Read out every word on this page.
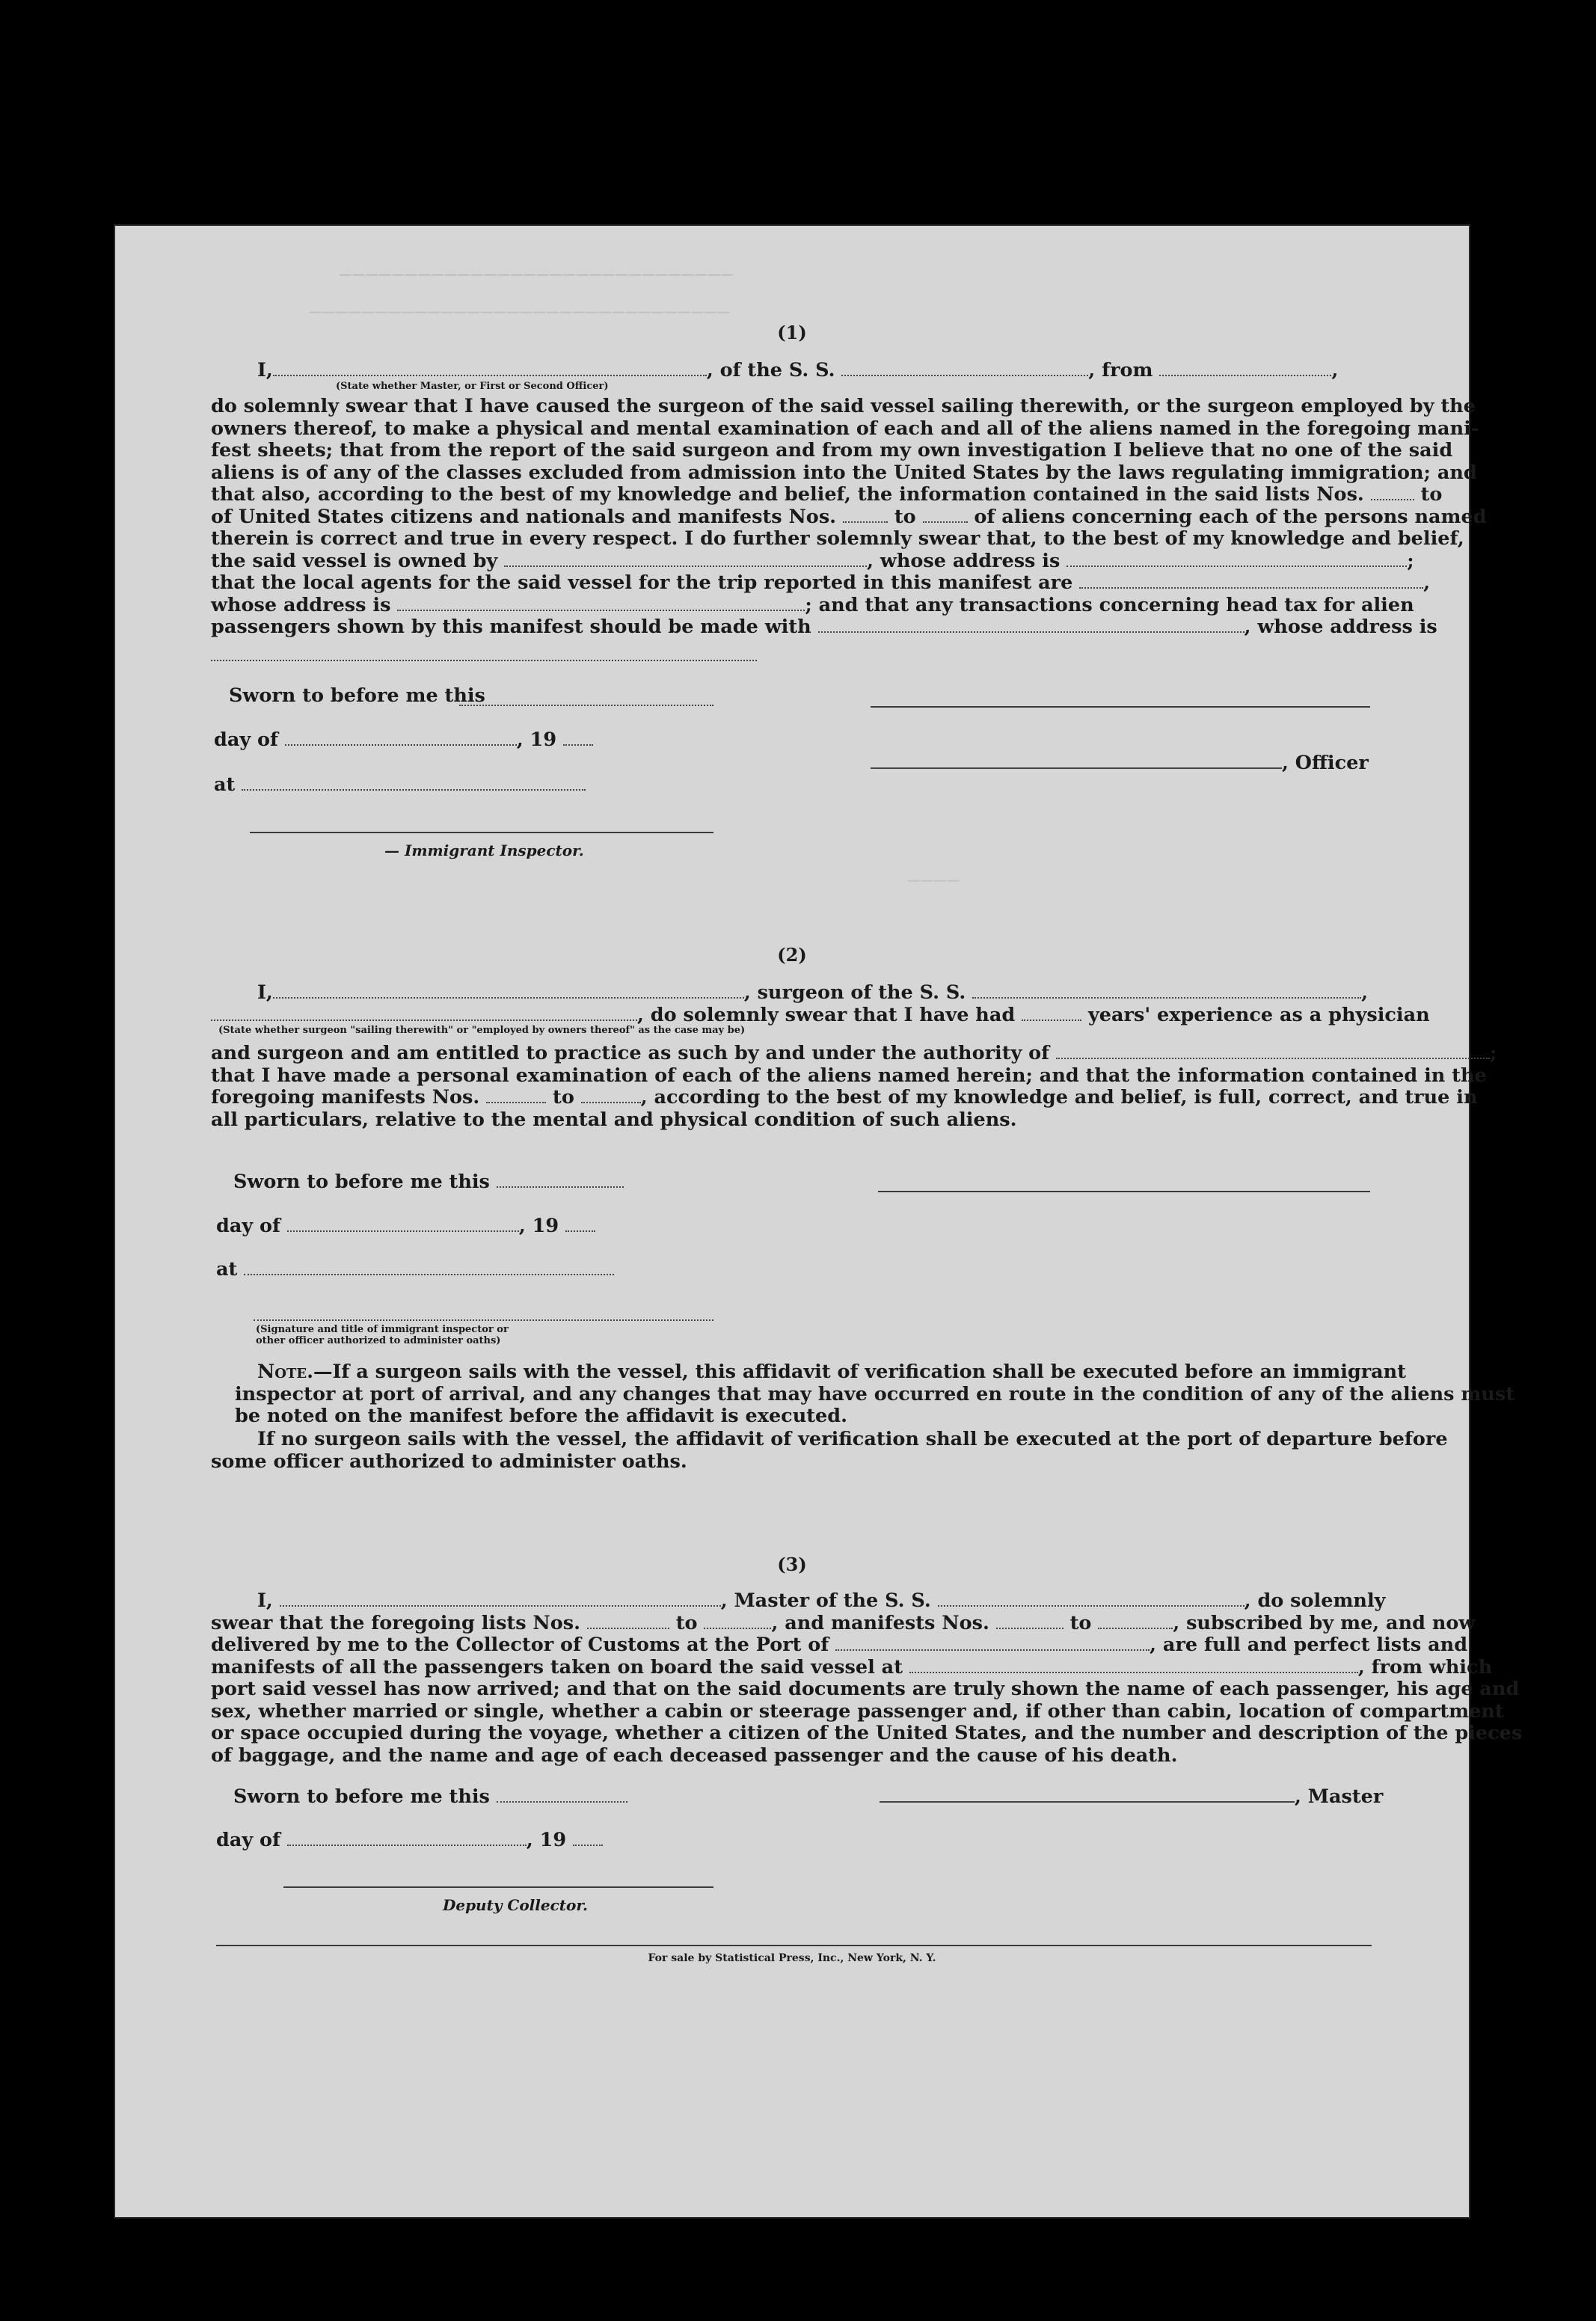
——————————————————————————————
————————————————————————————————
————
(1)
I,	, of the S. S.	, from	,
(State whether Master, or First or Second Officer)
do solemnly swear that I have caused the surgeon of the said vessel sailing therewith, or the surgeon employed by the
owners thereof, to make a physical and mental examination of each and all of the aliens named in the foregoing mani-
fest sheets; that from the report of the said surgeon and from my own investigation I believe that no one of the said
aliens is of any of the classes excluded from admission into the United States by the laws regulating immigration; and
that also, according to the best of my knowledge and belief, the information contained in the said lists Nos.	to
of United States citizens and nationals and manifests Nos.	to	of aliens concerning each of the persons named
therein is correct and true in every respect. I do further solemnly swear that, to the best of my knowledge and belief,
the said vessel is owned by	, whose address is	;
that the local agents for the said vessel for the trip reported in this manifest are	,
whose address is	; and that any transactions concerning head tax for alien
passengers shown by this manifest should be made with	, whose address is
Sworn to before me this
day of	, 19
, Officer
at
— Immigrant Inspector.
(2)
I,	, surgeon of the S. S.	,
, do solemnly swear that I have had	years' experience as a physician
(State whether surgeon "sailing therewith" or "employed by owners thereof" as the case may be)
and surgeon and am entitled to practice as such by and under the authority of	;
that I have made a personal examination of each of the aliens named herein; and that the information contained in the
foregoing manifests Nos.	to	, according to the best of my knowledge and belief, is full, correct, and true in
all particulars, relative to the mental and physical condition of such aliens.
Sworn to before me this
day of	, 19
at
(Signature and title of immigrant inspector or
other officer authorized to administer oaths)
Note.—If a surgeon sails with the vessel, this affidavit of verification shall be executed before an immigrant
inspector at port of arrival, and any changes that may have occurred en route in the condition of any of the aliens must
be noted on the manifest before the affidavit is executed.
If no surgeon sails with the vessel, the affidavit of verification shall be executed at the port of departure before
some officer authorized to administer oaths.
(3)
I,	, Master of the S. S.	, do solemnly
swear that the foregoing lists Nos.	to	, and manifests Nos.	to	, subscribed by me, and now
delivered by me to the Collector of Customs at the Port of	, are full and perfect lists and
manifests of all the passengers taken on board the said vessel at	, from which
port said vessel has now arrived; and that on the said documents are truly shown the name of each passenger, his age and
sex, whether married or single, whether a cabin or steerage passenger and, if other than cabin, location of compartment
or space occupied during the voyage, whether a citizen of the United States, and the number and description of the pieces
of baggage, and the name and age of each deceased passenger and the cause of his death.
Sworn to before me this	, Master
day of	, 19
Deputy Collector.
For sale by Statistical Press, Inc., New York, N. Y.
